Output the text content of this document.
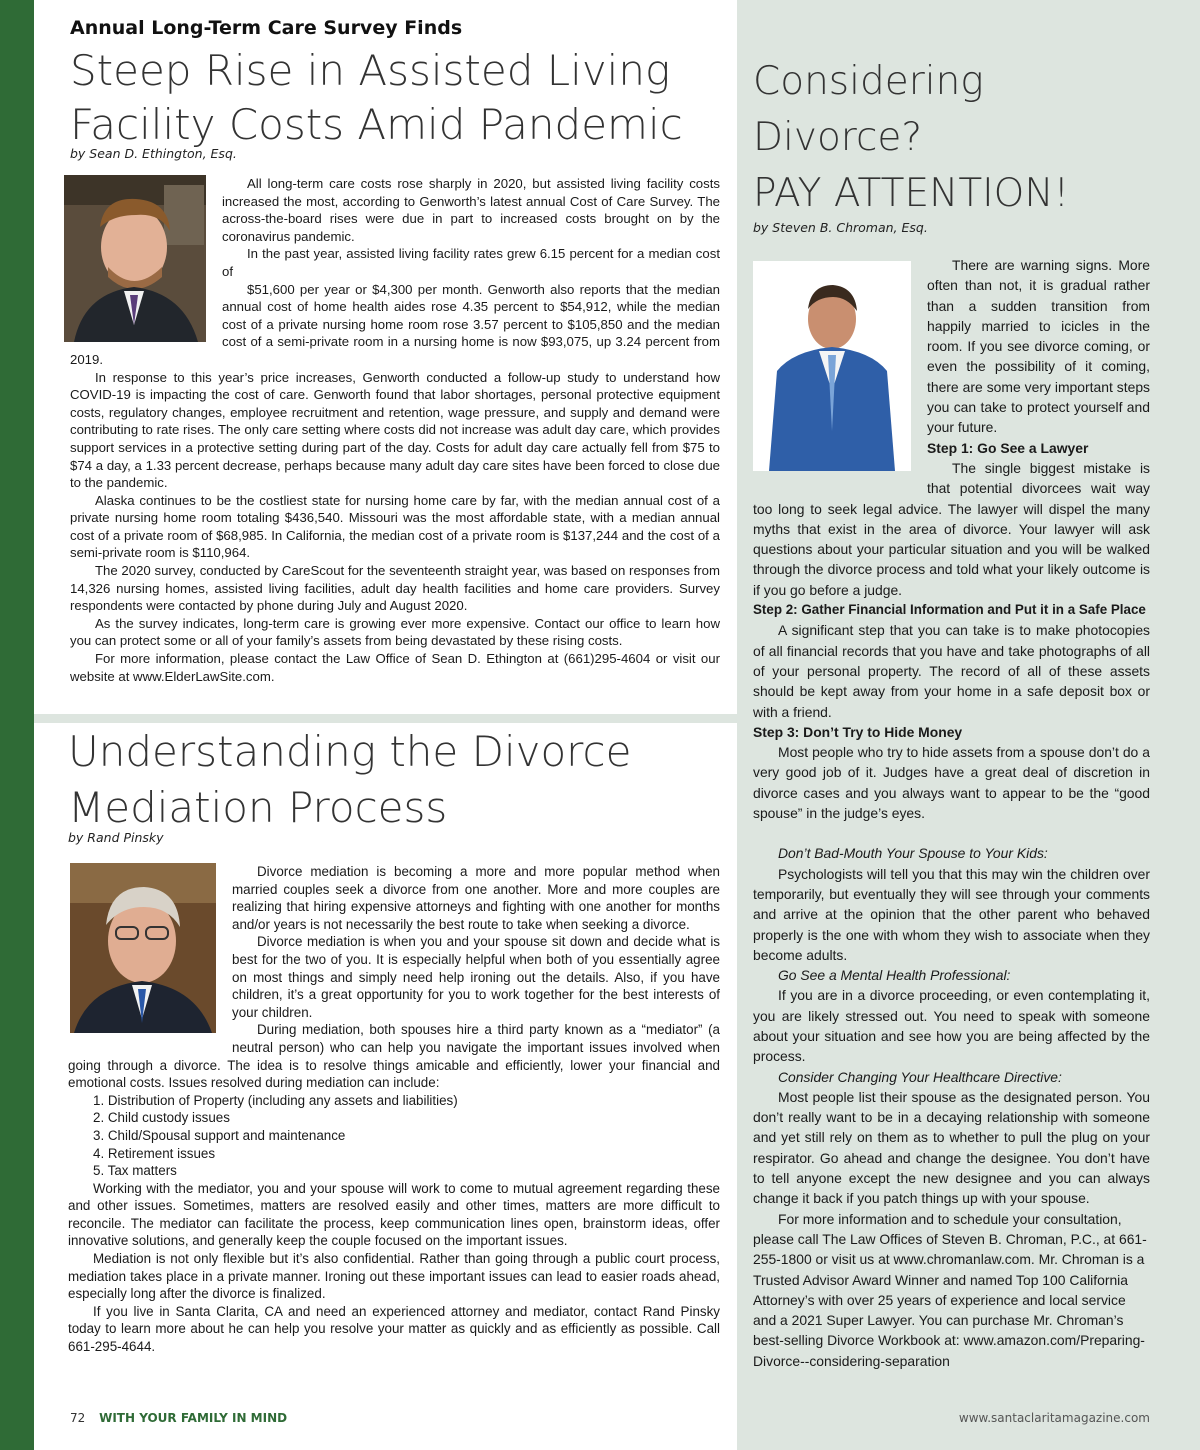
Annual Long-Term Care Survey Finds
Steep Rise in Assisted Living
Facility Costs Amid Pandemic
by Sean D. Ethington, Esq.

All long-term care costs rose sharply in 2020, but assisted living facility costs increased the most, according to Genworth’s latest annual Cost of Care Survey. The across-the-board rises were due in part to increased costs brought on by the coronavirus pandemic.

In the past year, assisted living facility rates grew 6.15 percent for a median cost of

$51,600 per year or $4,300 per month. Genworth also reports that the median annual cost of home health aides rose 4.35 percent to $54,912, while the median cost of a private nursing home room rose 3.57 percent to $105,850 and the median cost of a semi-private room in a nursing home is now $93,075, up 3.24 percent from 2019.

In response to this year’s price increases, Genworth conducted a follow-up study to understand how COVID-19 is impacting the cost of care. Genworth found that labor shortages, personal protective equipment costs, regulatory changes, employee recruitment and retention, wage pressure, and supply and demand were contributing to rate rises. The only care setting where costs did not increase was adult day care, which provides support services in a protective setting during part of the day. Costs for adult day care actually fell from $75 to $74 a day, a 1.33 percent decrease, perhaps because many adult day care sites have been forced to close due to the pandemic.

Alaska continues to be the costliest state for nursing home care by far, with the median annual cost of a private nursing home room totaling $436,540. Missouri was the most affordable state, with a median annual cost of a private room of $68,985. In California, the median cost of a private room is $137,244 and the cost of a semi-private room is $110,964.

The 2020 survey, conducted by CareScout for the seventeenth straight year, was based on responses from 14,326 nursing homes, assisted living facilities, adult day health facilities and home care providers. Survey respondents were contacted by phone during July and August 2020.

As the survey indicates, long-term care is growing ever more expensive. Contact our office to learn how you can protect some or all of your family’s assets from being devastated by these rising costs.

For more information, please contact the Law Office of Sean D. Ethington at (661)295-4604 or visit our website at www.ElderLawSite.com.

Understanding the Divorce
Mediation Process
by Rand Pinsky

Divorce mediation is becoming a more and more popular method when married couples seek a divorce from one another. More and more couples are realizing that hiring expensive attorneys and fighting with one another for months and/or years is not necessarily the best route to take when seeking a divorce.

Divorce mediation is when you and your spouse sit down and decide what is best for the two of you. It is especially helpful when both of you essentially agree on most things and simply need help ironing out the details. Also, if you have children, it’s a great opportunity for you to work together for the best interests of your children.

During mediation, both spouses hire a third party known as a “mediator” (a neutral person) who can help you navigate the important issues involved when going through a divorce. The idea is to resolve things amicable and efficiently, lower your financial and emotional costs. Issues resolved during mediation can include:

1. Distribution of Property (including any assets and liabilities)
2. Child custody issues
3. Child/Spousal support and maintenance
4. Retirement issues
5. Tax matters

Working with the mediator, you and your spouse will work to come to mutual agreement regarding these and other issues. Sometimes, matters are resolved easily and other times, matters are more difficult to reconcile. The mediator can facilitate the process, keep communication lines open, brainstorm ideas, offer innovative solutions, and generally keep the couple focused on the important issues.

Mediation is not only flexible but it’s also confidential. Rather than going through a public court process, mediation takes place in a private manner. Ironing out these important issues can lead to easier roads ahead, especially long after the divorce is finalized.

If you live in Santa Clarita, CA and need an experienced attorney and mediator, contact Rand Pinsky today to learn more about he can help you resolve your matter as quickly and as efficiently as possible. Call 661-295-4644.

Considering Divorce?
PAY ATTENTION!
by Steven B. Chroman, Esq.

There are warning signs. More often than not, it is gradual rather than a sudden transition from happily married to icicles in the room. If you see divorce coming, or even the possibility of it coming, there are some very important steps you can take to protect yourself and your future.

Step 1: Go See a Lawyer

The single biggest mistake is that potential divorcees wait way too long to seek legal advice. The lawyer will dispel the many myths that exist in the area of divorce. Your lawyer will ask questions about your particular situation and you will be walked through the divorce process and told what your likely outcome is if you go before a judge.

Step 2: Gather Financial Information and Put it in a Safe Place

A significant step that you can take is to make photocopies of all financial records that you have and take photographs of all of your personal property. The record of all of these assets should be kept away from your home in a safe deposit box or with a friend.

Step 3: Don’t Try to Hide Money

Most people who try to hide assets from a spouse don’t do a very good job of it. Judges have a great deal of discretion in divorce cases and you always want to appear to be the “good spouse” in the judge’s eyes.

Don’t Bad-Mouth Your Spouse to Your Kids:

Psychologists will tell you that this may win the children over temporarily, but eventually they will see through your comments and arrive at the opinion that the other parent who behaved properly is the one with whom they wish to associate when they become adults.

Go See a Mental Health Professional:

If you are in a divorce proceeding, or even contemplating it, you are likely stressed out. You need to speak with someone about your situation and see how you are being affected by the process.

Consider Changing Your Healthcare Directive:

Most people list their spouse as the designated person. You don’t really want to be in a decaying relationship with someone and yet still rely on them as to whether to pull the plug on your respirator. Go ahead and change the designee. You don’t have to tell anyone except the new designee and you can always change it back if you patch things up with your spouse.

For more information and to schedule your consultation, please call The Law Offices of Steven B. Chroman, P.C., at 661-255-1800 or visit us at www.chromanlaw.com. Mr. Chroman is a Trusted Advisor Award Winner and named Top 100 California Attorney’s with over 25 years of experience and local service and a 2021 Super Lawyer. You can purchase Mr. Chroman’s best-selling Divorce Workbook at: www.amazon.com/Preparing-Divorce--considering-separation

72 WITH YOUR FAMILY IN MIND	www.santaclaritamagazine.com
